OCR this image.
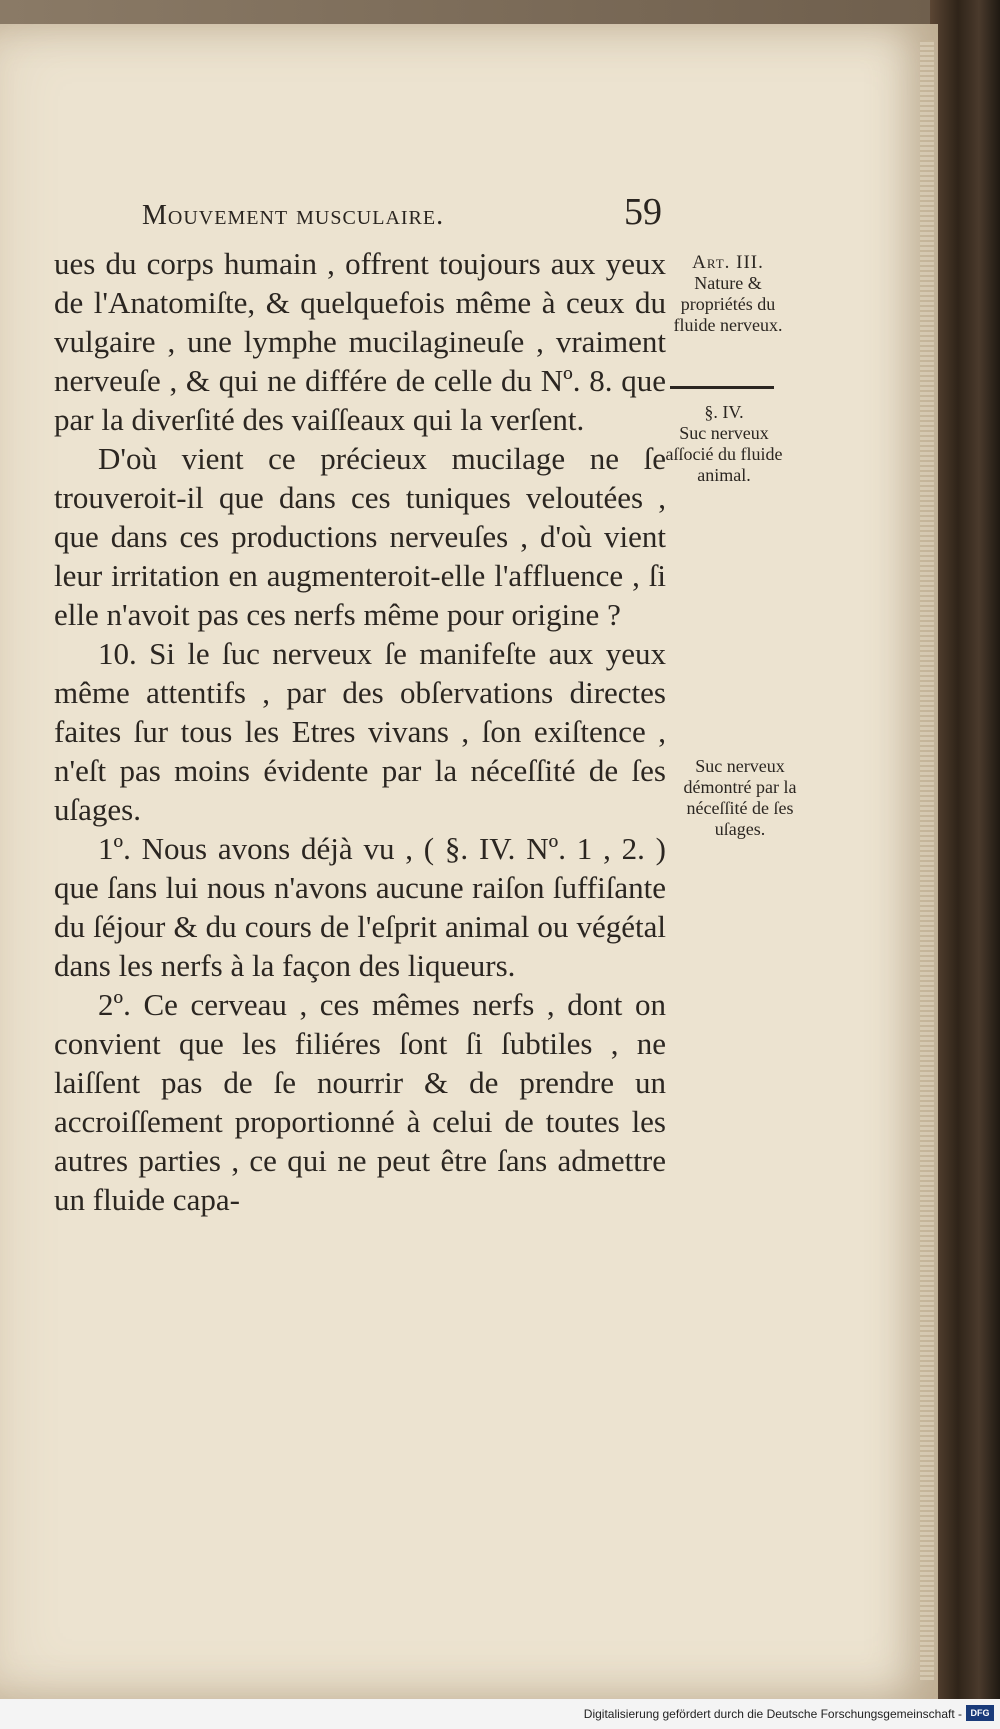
Mouvement musculaire.	59

ues du corps humain , offrent toujours aux yeux de l'Anatomiſte, & quelquefois même à ceux du vulgaire , une lymphe mucilagineuſe , vraiment nerveuſe , & qui ne différe de celle du Nº. 8. que par la diverſité des vaiſſeaux qui la verſent.

D'où vient ce précieux mucilage ne ſe trouveroit-il que dans ces tuniques veloutées , que dans ces productions nerveuſes , d'où vient leur irritation en augmenteroit-elle l'affluence , ſi elle n'avoit pas ces nerfs même pour origine ?

10. Si le ſuc nerveux ſe manifeſte aux yeux même attentifs , par des obſervations directes faites ſur tous les Etres vivans , ſon exiſtence , n'eſt pas moins évidente par la néceſſité de ſes uſages.

1º. Nous avons déjà vu , ( §. IV. Nº. 1 , 2. ) que ſans lui nous n'avons aucune raiſon ſuffiſante du ſéjour & du cours de l'eſprit animal ou végétal dans les nerfs à la façon des liqueurs.

2º. Ce cerveau , ces mêmes nerfs , dont on convient que les filiéres ſont ſi ſubtiles , ne laiſſent pas de ſe nourrir & de prendre un accroiſſement proportionné à celui de toutes les autres parties , ce qui ne peut être ſans admettre un fluide capa-

Art. III.
Nature & propriétés du fluide nerveux.
§. IV.
Suc nerveux aſſocié du fluide animal.
Suc nerveux démontré par la néceſſité de ſes uſages.
Digitalisierung gefördert durch die Deutsche Forschungsgemeinschaft - DFG
